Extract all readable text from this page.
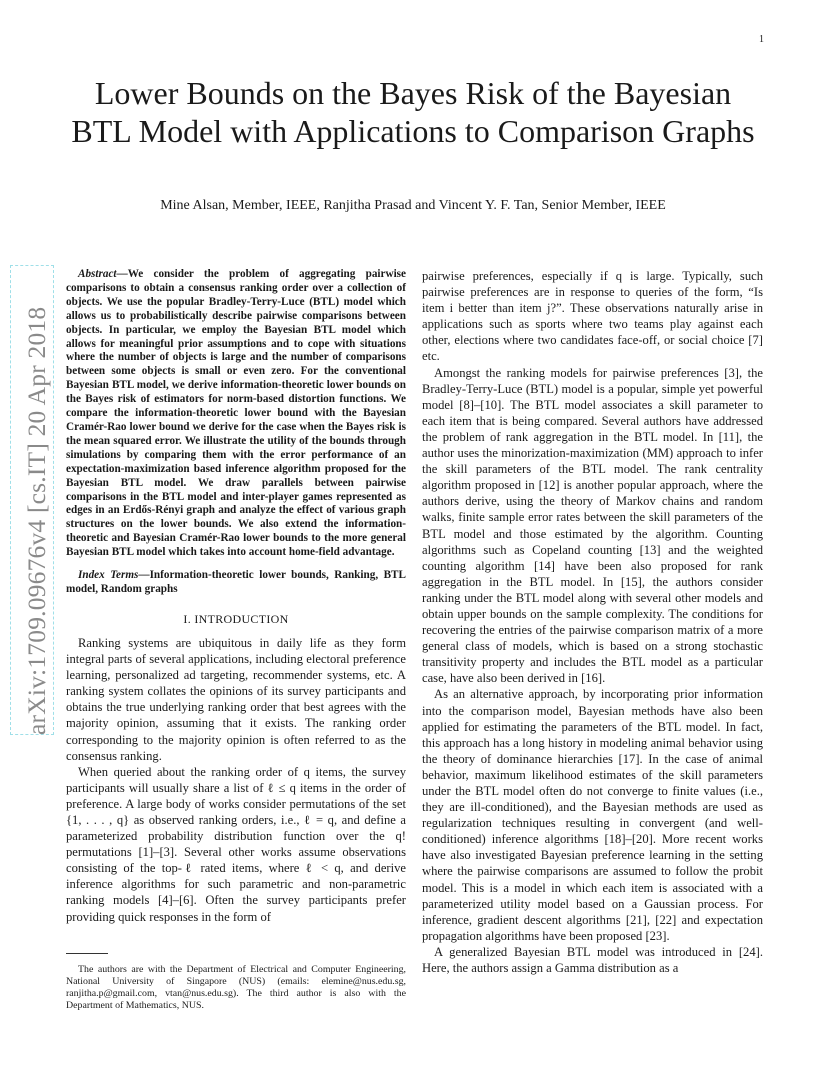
1
arXiv:1709.09676v4 [cs.IT] 20 Apr 2018
Lower Bounds on the Bayes Risk of the Bayesian BTL Model with Applications to Comparison Graphs
Mine Alsan, Member, IEEE, Ranjitha Prasad and Vincent Y. F. Tan, Senior Member, IEEE

Abstract—We consider the problem of aggregating pairwise comparisons to obtain a consensus ranking order over a collection of objects. We use the popular Bradley-Terry-Luce (BTL) model which allows us to probabilistically describe pairwise comparisons between objects. In particular, we employ the Bayesian BTL model which allows for meaningful prior assumptions and to cope with situations where the number of objects is large and the number of comparisons between some objects is small or even zero. For the conventional Bayesian BTL model, we derive information-theoretic lower bounds on the Bayes risk of estimators for norm-based distortion functions. We compare the information-theoretic lower bound with the Bayesian Cramér-Rao lower bound we derive for the case when the Bayes risk is the mean squared error. We illustrate the utility of the bounds through simulations by comparing them with the error performance of an expectation-maximization based inference algorithm proposed for the Bayesian BTL model. We draw parallels between pairwise comparisons in the BTL model and inter-player games represented as edges in an Erdős-Rényi graph and analyze the effect of various graph structures on the lower bounds. We also extend the information-theoretic and Bayesian Cramér-Rao lower bounds to the more general Bayesian BTL model which takes into account home-field advantage.

Index Terms—Information-theoretic lower bounds, Ranking, BTL model, Random graphs

I. INTRODUCTION

Ranking systems are ubiquitous in daily life as they form integral parts of several applications, including electoral preference learning, personalized ad targeting, recommender systems, etc. A ranking system collates the opinions of its survey participants and obtains the true underlying ranking order that best agrees with the majority opinion, assuming that it exists. The ranking order corresponding to the majority opinion is often referred to as the consensus ranking.

When queried about the ranking order of q items, the survey participants will usually share a list of ℓ ≤ q items in the order of preference. A large body of works consider permutations of the set {1, . . . , q} as observed ranking orders, i.e., ℓ = q, and define a parameterized probability distribution function over the q! permutations [1]–[3]. Several other works assume observations consisting of the top-ℓ rated items, where ℓ < q, and derive inference algorithms for such parametric and non-parametric ranking models [4]–[6]. Often the survey participants prefer providing quick responses in the form of

The authors are with the Department of Electrical and Computer Engineering, National University of Singapore (NUS) (emails: elemine@nus.edu.sg, ranjitha.p@gmail.com, vtan@nus.edu.sg). The third author is also with the Department of Mathematics, NUS.

pairwise preferences, especially if q is large. Typically, such pairwise preferences are in response to queries of the form, “Is item i better than item j?”. These observations naturally arise in applications such as sports where two teams play against each other, elections where two candidates face-off, or social choice [7] etc.

Amongst the ranking models for pairwise preferences [3], the Bradley-Terry-Luce (BTL) model is a popular, simple yet powerful model [8]–[10]. The BTL model associates a skill parameter to each item that is being compared. Several authors have addressed the problem of rank aggregation in the BTL model. In [11], the author uses the minorization-maximization (MM) approach to infer the skill parameters of the BTL model. The rank centrality algorithm proposed in [12] is another popular approach, where the authors derive, using the theory of Markov chains and random walks, finite sample error rates between the skill parameters of the BTL model and those estimated by the algorithm. Counting algorithms such as Copeland counting [13] and the weighted counting algorithm [14] have been also proposed for rank aggregation in the BTL model. In [15], the authors consider ranking under the BTL model along with several other models and obtain upper bounds on the sample complexity. The conditions for recovering the entries of the pairwise comparison matrix of a more general class of models, which is based on a strong stochastic transitivity property and includes the BTL model as a particular case, have also been derived in [16].

As an alternative approach, by incorporating prior information into the comparison model, Bayesian methods have also been applied for estimating the parameters of the BTL model. In fact, this approach has a long history in modeling animal behavior using the theory of dominance hierarchies [17]. In the case of animal behavior, maximum likelihood estimates of the skill parameters under the BTL model often do not converge to finite values (i.e., they are ill-conditioned), and the Bayesian methods are used as regularization techniques resulting in convergent (and well-conditioned) inference algorithms [18]–[20]. More recent works have also investigated Bayesian preference learning in the setting where the pairwise comparisons are assumed to follow the probit model. This is a model in which each item is associated with a parameterized utility model based on a Gaussian process. For inference, gradient descent algorithms [21], [22] and expectation propagation algorithms have been proposed [23].

A generalized Bayesian BTL model was introduced in [24]. Here, the authors assign a Gamma distribution as a
